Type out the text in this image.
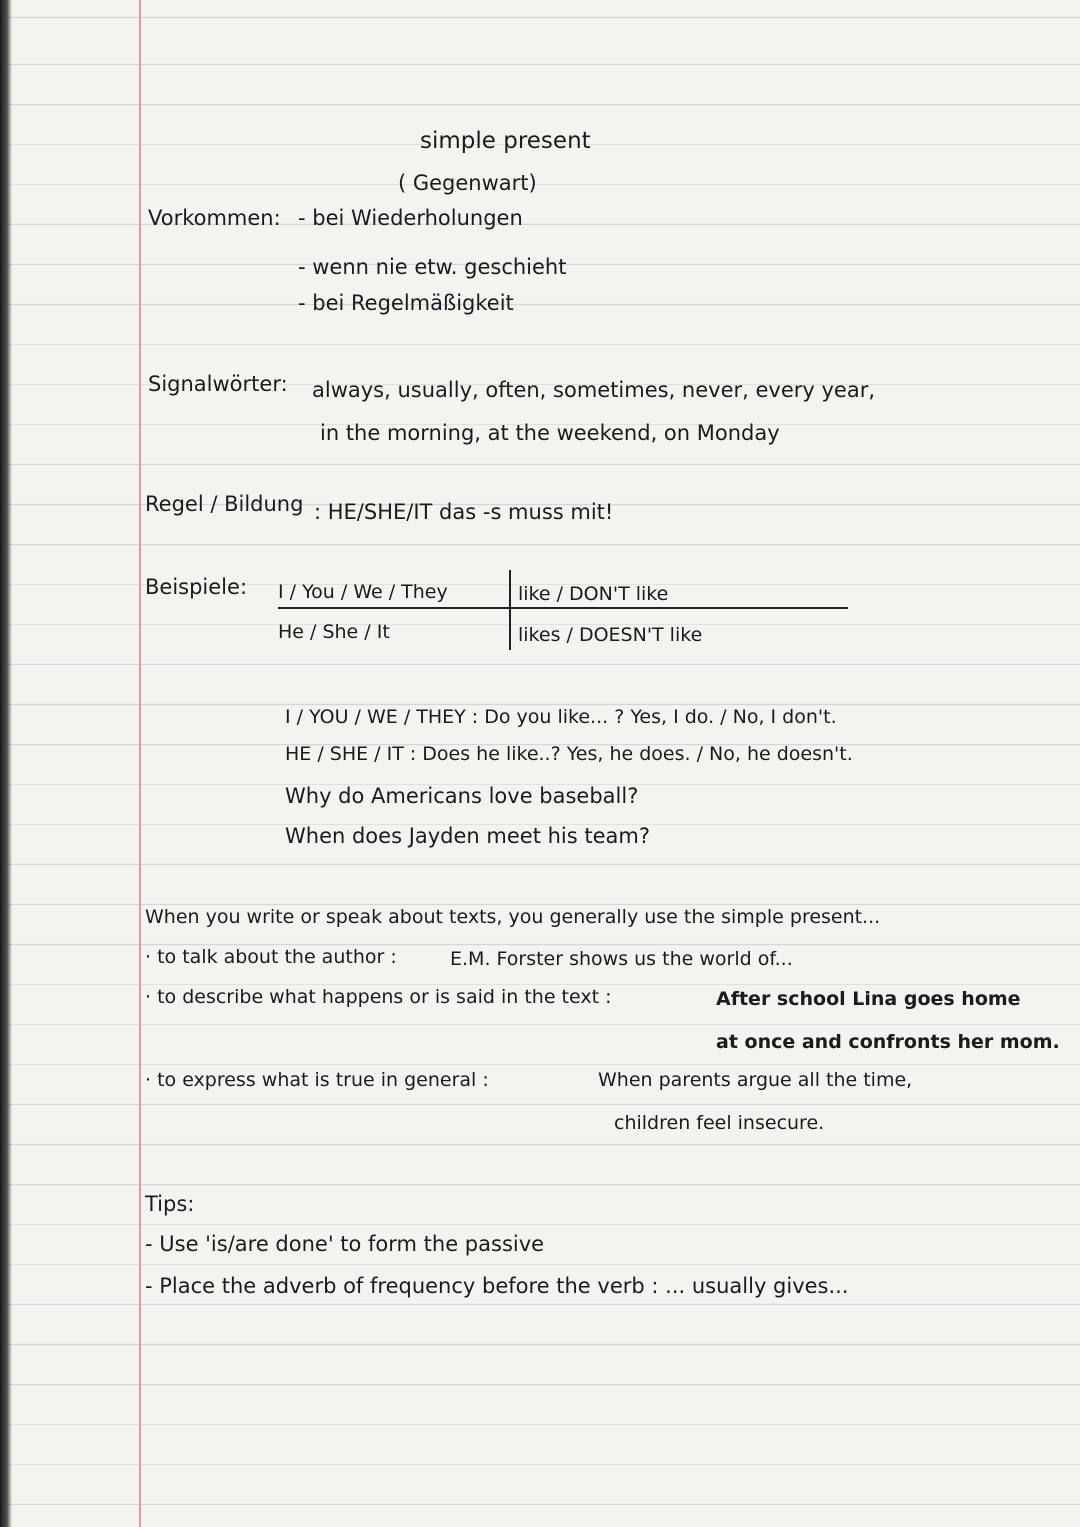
simple present
( Gegenwart)
Vorkommen: - bei Wiederholungen
- wenn nie etw. geschieht
- bei Regelmäßigkeit
Signalwörter: always, usually, often, sometimes, never, every year,
in the morning, at the weekend, on Monday
Regel / Bildung : HE/SHE/IT das -s muss mit!
Beispiele: I / You / We / They	like / DON'T like
He / She / It	likes / DOESN'T like
I / YOU / WE / THEY : Do you like... ? Yes, I do. / No, I don't.
HE / SHE / IT : Does he like..? Yes, he does. / No, he doesn't.
Why do Americans love baseball?
When does Jayden meet his team?
When you write or speak about texts, you generally use the simple present...
· to talk about the author :	E.M. Forster shows us the world of...
· to describe what happens or is said in the text :	After school Lina goes home
at once and confronts her mom.
· to express what is true in general :	When parents argue all the time,
children feel insecure.
Tips:
- Use 'is/are done' to form the passive
- Place the adverb of frequency before the verb : ... usually gives...
